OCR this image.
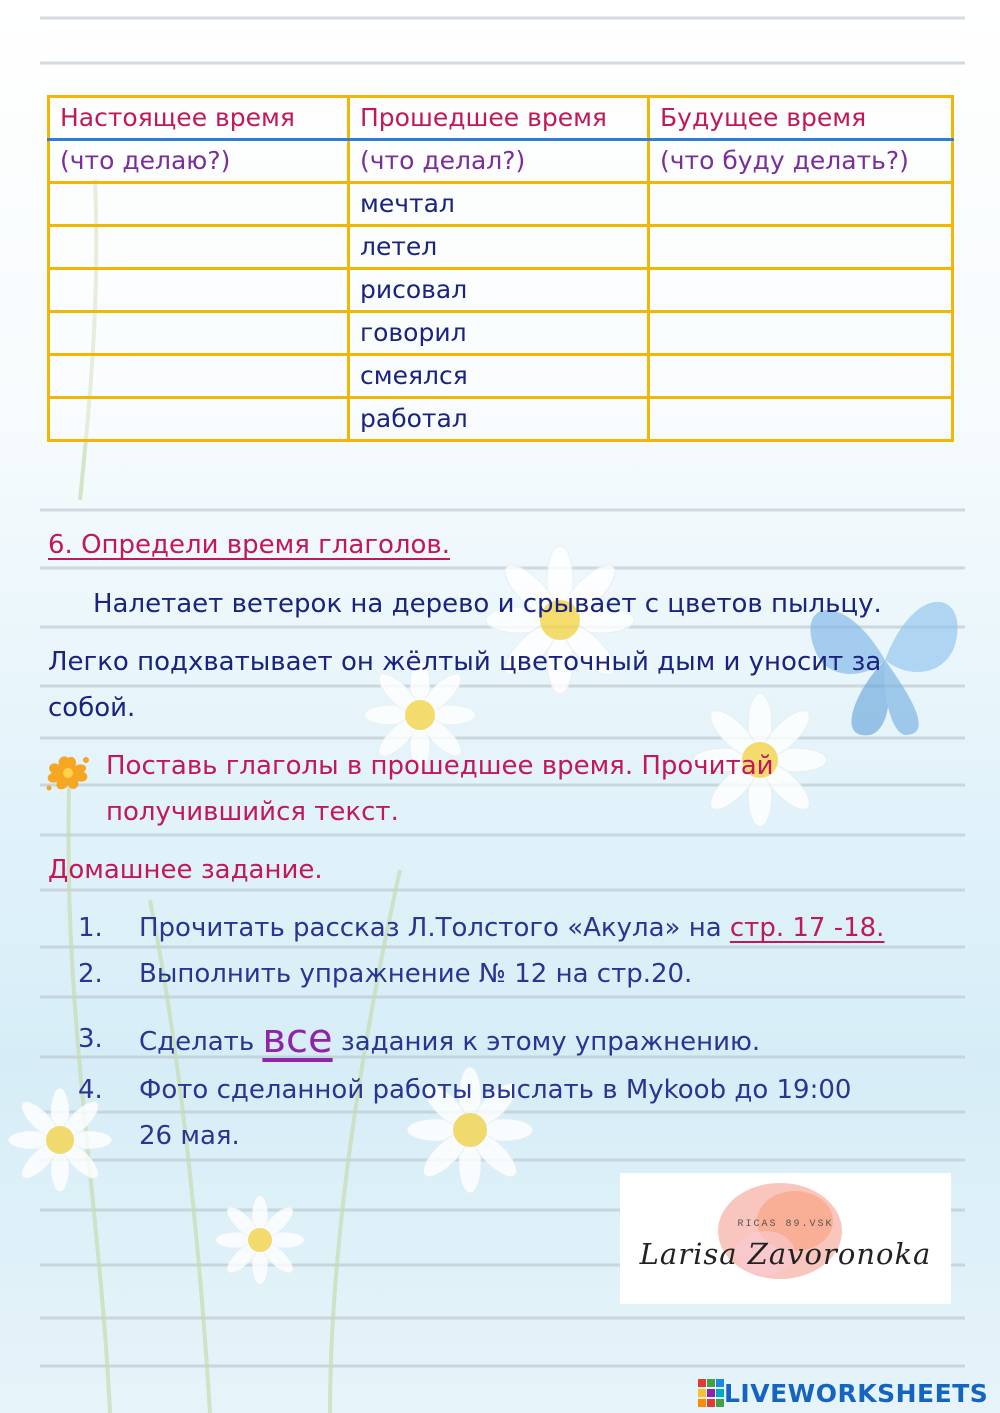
Настоящее время	Прошедшее время	Будущее время
(что делаю?)	(что делал?)	(что буду делать?)
	мечтал	
	летел	
	рисовал	
	говорил	
	смеялся	
	работал	
6. Определи время глаголов.
Налетает ветерок на дерево и срывает с цветов пыльцу.
Легко подхватывает он жёлтый цветочный дым и уносит за
собой.
Поставь глаголы в прошедшее время. Прочитай
получившийся текст.
Домашнее задание.
1. Прочитать рассказ Л.Толстого «Акула» на стр. 17 -18.
2. Выполнить упражнение № 12 на стр.20.
3. Сделать все задания к этому упражнению.
4. Фото сделанной работы выслать в Mykoob до 19:00
26 мая.
RICAS 89.VSK
Larisa Zavoronoka
LIVEWORKSHEETS
